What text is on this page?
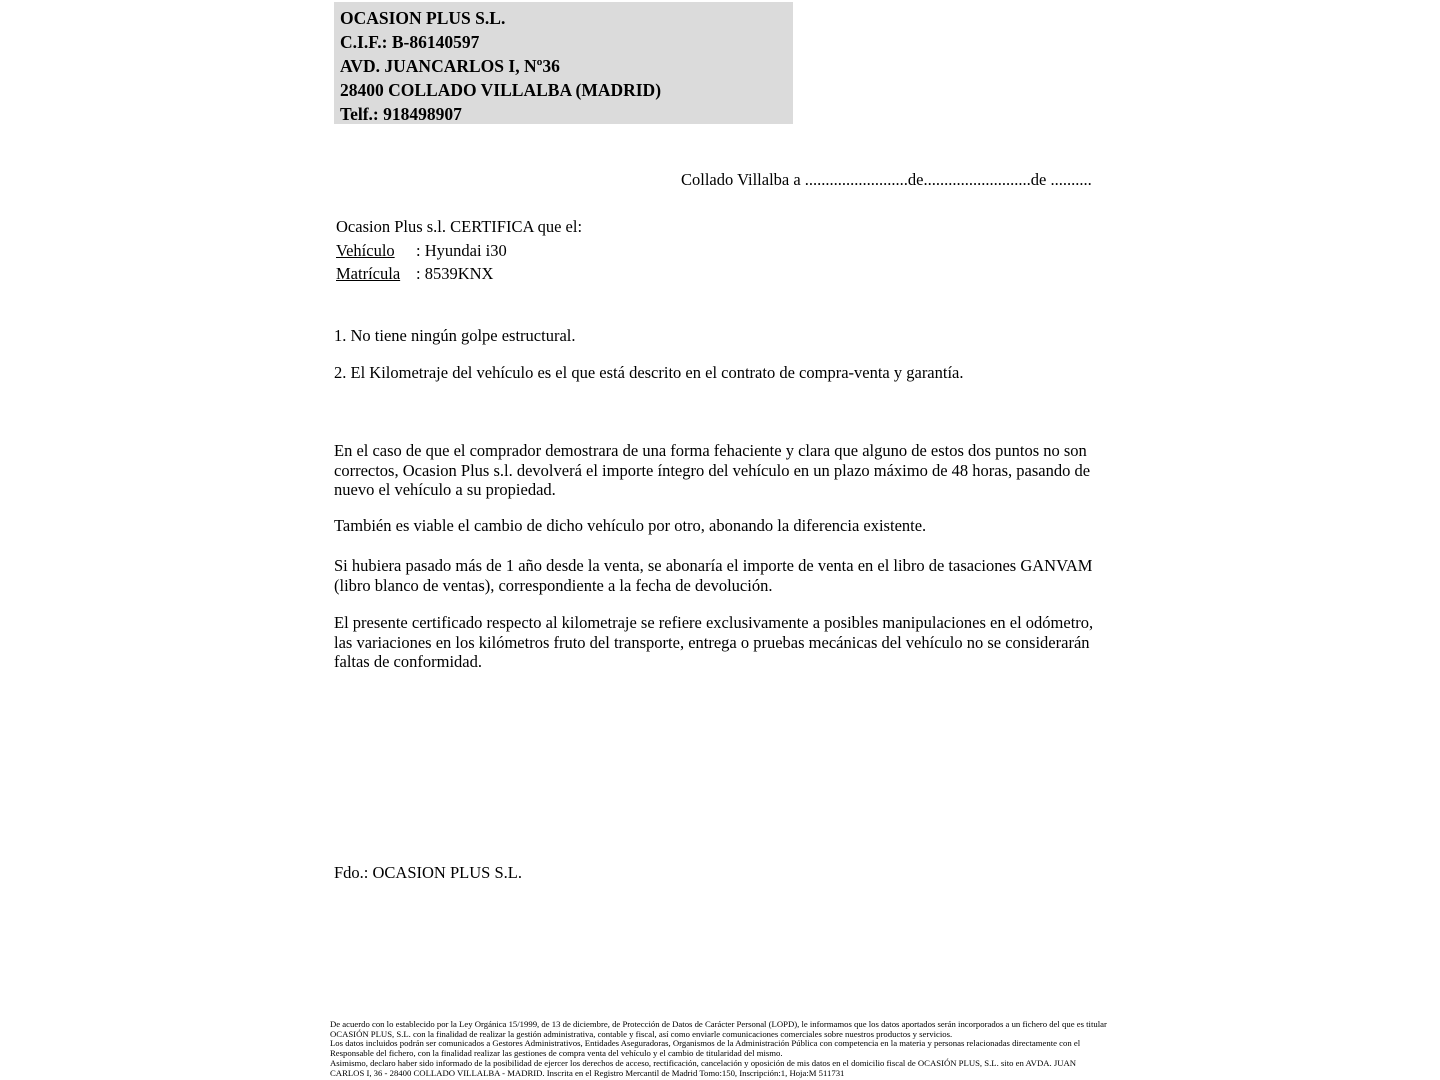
OCASION PLUS S.L.
C.I.F.: B-86140597
AVD. JUANCARLOS I, Nº36
28400 COLLADO VILLALBA (MADRID)
Telf.: 918498907
Collado Villalba a .........................de..........................de ..........
Ocasion Plus s.l. CERTIFICA que el:
Vehículo	: Hyundai i30
Matrícula : 8539KNX
1. No tiene ningún golpe estructural.
2. El Kilometraje del vehículo es el que está descrito en el contrato de compra-venta y garantía.
En el caso de que el comprador demostrara de una forma fehaciente y clara que alguno de estos dos puntos no son correctos, Ocasion Plus s.l. devolverá el importe íntegro del vehículo en un plazo máximo de 48 horas, pasando de nuevo el vehículo a su propiedad.
También es viable el cambio de dicho vehículo por otro, abonando la diferencia existente.
Si hubiera pasado más de 1 año desde la venta, se abonaría el importe de venta en el libro de tasaciones GANVAM (libro blanco de ventas), correspondiente a la fecha de devolución.
El presente certificado respecto al kilometraje se refiere exclusivamente a posibles manipulaciones en el odómetro, las variaciones en los kilómetros fruto del transporte, entrega o pruebas mecánicas del vehículo no se considerarán faltas de conformidad.
Fdo.: OCASION PLUS S.L.
De acuerdo con lo establecido por la Ley Orgánica 15/1999, de 13 de diciembre, de Protección de Datos de Carácter Personal (LOPD), le informamos que los datos aportados serán incorporados a un fichero del que es titular
OCASIÓN PLUS, S.L. con la finalidad de realizar la gestión administrativa, contable y fiscal, así como enviarle comunicaciones comerciales sobre nuestros productos y servicios.
Los datos incluidos podrán ser comunicados a Gestores Administrativos, Entidades Aseguradoras, Organismos de la Administración Pública con competencia en la materia y personas relacionadas directamente con el
Responsable del fichero, con la finalidad realizar las gestiones de compra venta del vehículo y el cambio de titularidad del mismo.
Asimismo, declaro haber sido informado de la posibilidad de ejercer los derechos de acceso, rectificación, cancelación y oposición de mis datos en el domicilio fiscal de OCASIÓN PLUS, S.L. sito en AVDA. JUAN
CARLOS I, 36 - 28400 COLLADO VILLALBA - MADRID. Inscrita en el Registro Mercantil de Madrid Tomo:150, Inscripción:1, Hoja:M 511731
